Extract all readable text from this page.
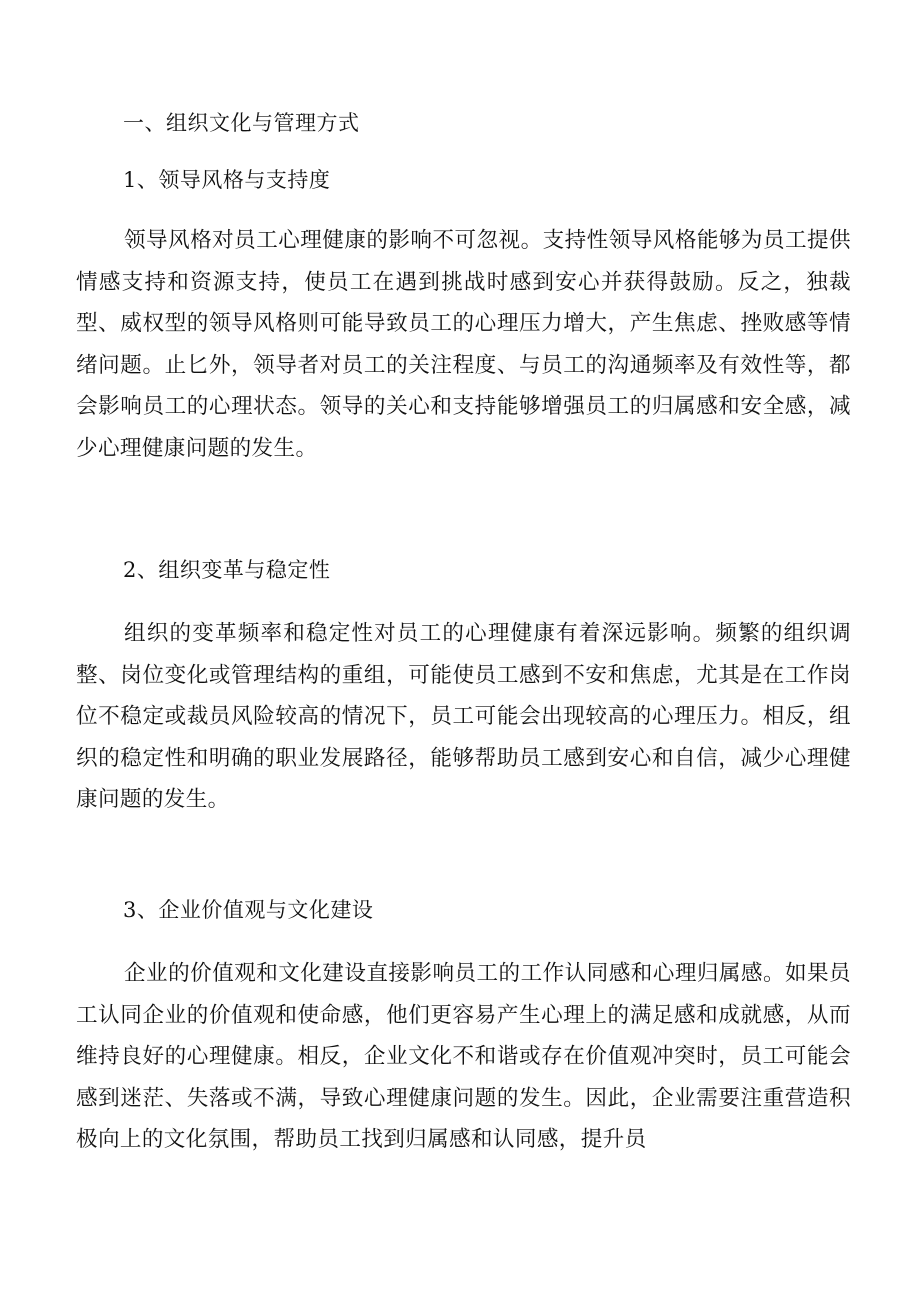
一、组织文化与管理方式
1、领导风格与支持度
领导风格对员工心理健康的影响不可忽视。支持性领导风格能够为员工提供情感支持和资源支持，使员工在遇到挑战时感到安心并获得鼓励。反之，独裁型、威权型的领导风格则可能导致员工的心理压力增大，产生焦虑、挫败感等情绪问题。止匕外，领导者对员工的关注程度、与员工的沟通频率及有效性等，都会影响员工的心理状态。领导的关心和支持能够增强员工的归属感和安全感，减少心理健康问题的发生。
2、组织变革与稳定性
组织的变革频率和稳定性对员工的心理健康有着深远影响。频繁的组织调整、岗位变化或管理结构的重组，可能使员工感到不安和焦虑，尤其是在工作岗位不稳定或裁员风险较高的情况下，员工可能会出现较高的心理压力。相反，组织的稳定性和明确的职业发展路径，能够帮助员工感到安心和自信，减少心理健康问题的发生。
3、企业价值观与文化建设
企业的价值观和文化建设直接影响员工的工作认同感和心理归属感。如果员工认同企业的价值观和使命感，他们更容易产生心理上的满足感和成就感，从而维持良好的心理健康。相反，企业文化不和谐或存在价值观冲突时，员工可能会感到迷茫、失落或不满，导致心理健康问题的发生。因此，企业需要注重营造积极向上的文化氛围，帮助员工找到归属感和认同感，提升员
